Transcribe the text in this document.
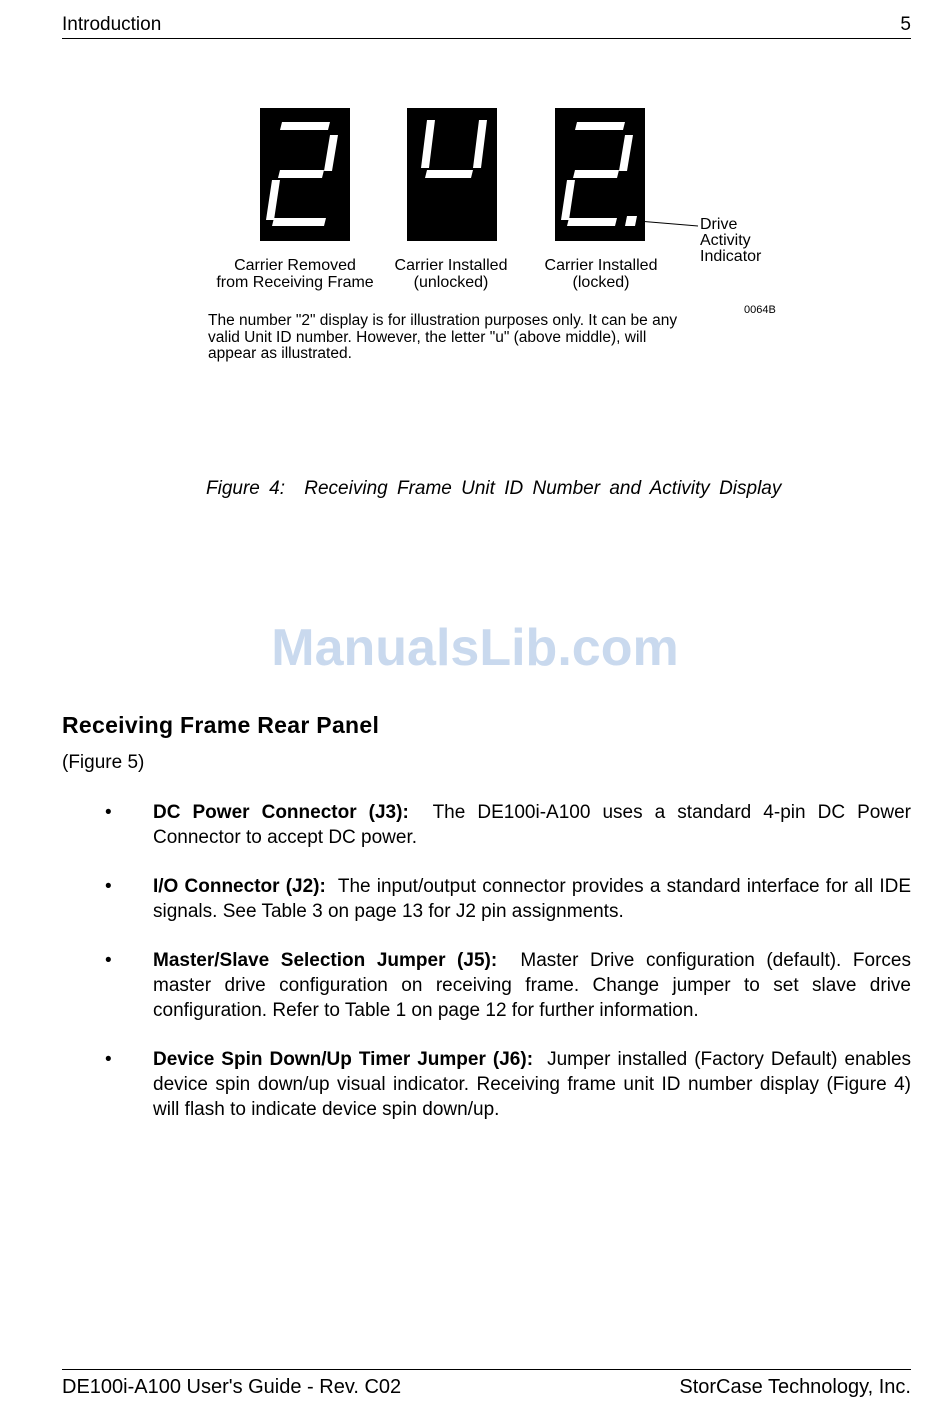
Introduction	5
Drive
Activity
Indicator
Carrier Removed
from Receiving Frame
Carrier Installed
(unlocked)
Carrier Installed
(locked)
0064B
The number "2" display is for illustration purposes only. It can be any valid Unit ID number. However, the letter "u" (above middle), will appear as illustrated.
Figure 4: Receiving Frame Unit ID Number and Activity Display
ManualsLib.com
Receiving Frame Rear Panel
(Figure 5)
• DC Power Connector (J3): The DE100i-A100 uses a standard 4-pin DC Power Connector to accept DC power.
• I/O Connector (J2): The input/output connector provides a standard interface for all IDE signals. See Table 3 on page 13 for J2 pin assignments.
• Master/Slave Selection Jumper (J5): Master Drive configuration (default). Forces master drive configuration on receiving frame. Change jumper to set slave drive configuration. Refer to Table 1 on page 12 for further information.
• Device Spin Down/Up Timer Jumper (J6): Jumper installed (Factory Default) enables device spin down/up visual indicator. Receiving frame unit ID number display (Figure 4) will flash to indicate device spin down/up.
DE100i-A100 User's Guide - Rev. C02	StorCase Technology, Inc.
